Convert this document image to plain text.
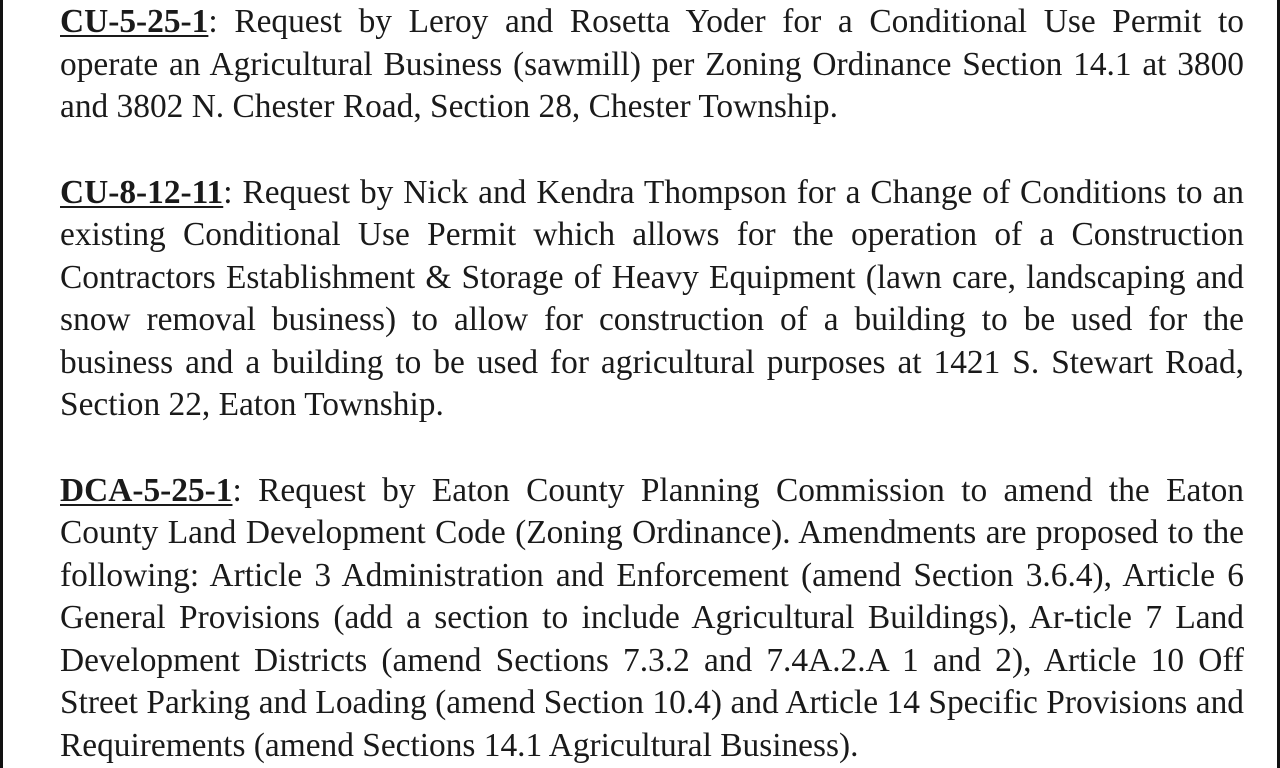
CU-5-25-1: Request by Leroy and Rosetta Yoder for a Conditional Use Permit to operate an Agricultural Business (sawmill) per Zoning Ordinance Section 14.1 at 3800 and 3802 N. Chester Road, Section 28, Chester Township.

CU-8-12-11: Request by Nick and Kendra Thompson for a Change of Conditions to an existing Conditional Use Permit which allows for the operation of a Construction Contractors Establishment & Storage of Heavy Equipment (lawn care, landscaping and snow removal business) to allow for construction of a building to be used for the business and a building to be used for agricultural purposes at 1421 S. Stewart Road, Section 22, Eaton Township.

DCA-5-25-1: Request by Eaton County Planning Commission to amend the Eaton County Land Development Code (Zoning Ordinance). Amendments are proposed to the following: Article 3 Administration and Enforcement (amend Section 3.6.4), Article 6 General Provisions (add a section to include Agricultural Buildings), Ar-ticle 7 Land Development Districts (amend Sections 7.3.2 and 7.4A.2.A 1 and 2), Article 10 Off Street Parking and Loading (amend Section 10.4) and Article 14 Specific Provisions and Requirements (amend Sections 14.1 Agricultural Business).
